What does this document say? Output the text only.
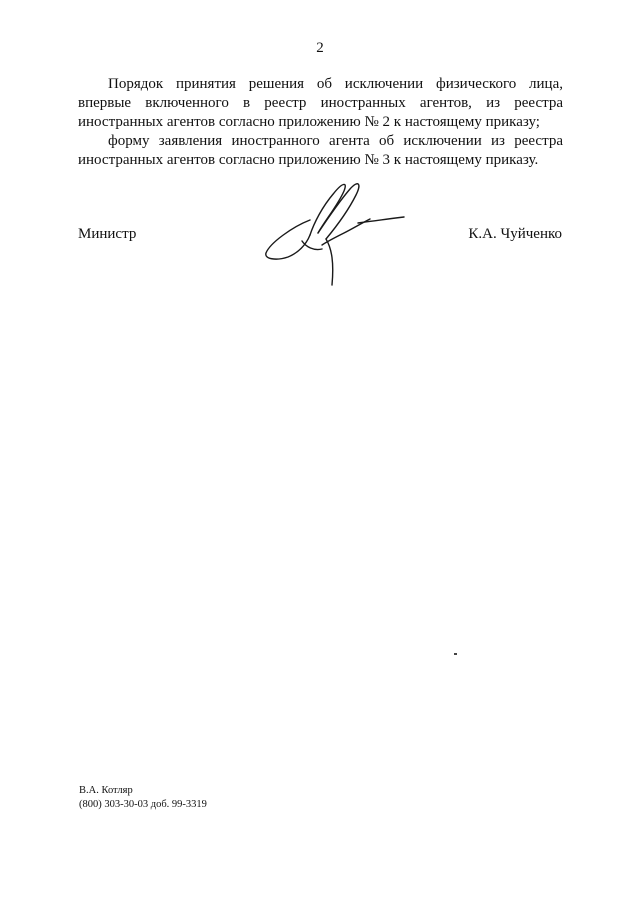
2

Порядок принятия решения об исключении физического лица, впервые включенного в реестр иностранных агентов, из реестра иностранных агентов согласно приложению № 2 к настоящему приказу;

форму заявления иностранного агента об исключении из реестра иностранных агентов согласно приложению № 3 к настоящему приказу.

Министр	К.А. Чуйченко
В.А. Котляр
(800) 303-30-03 доб. 99-3319
